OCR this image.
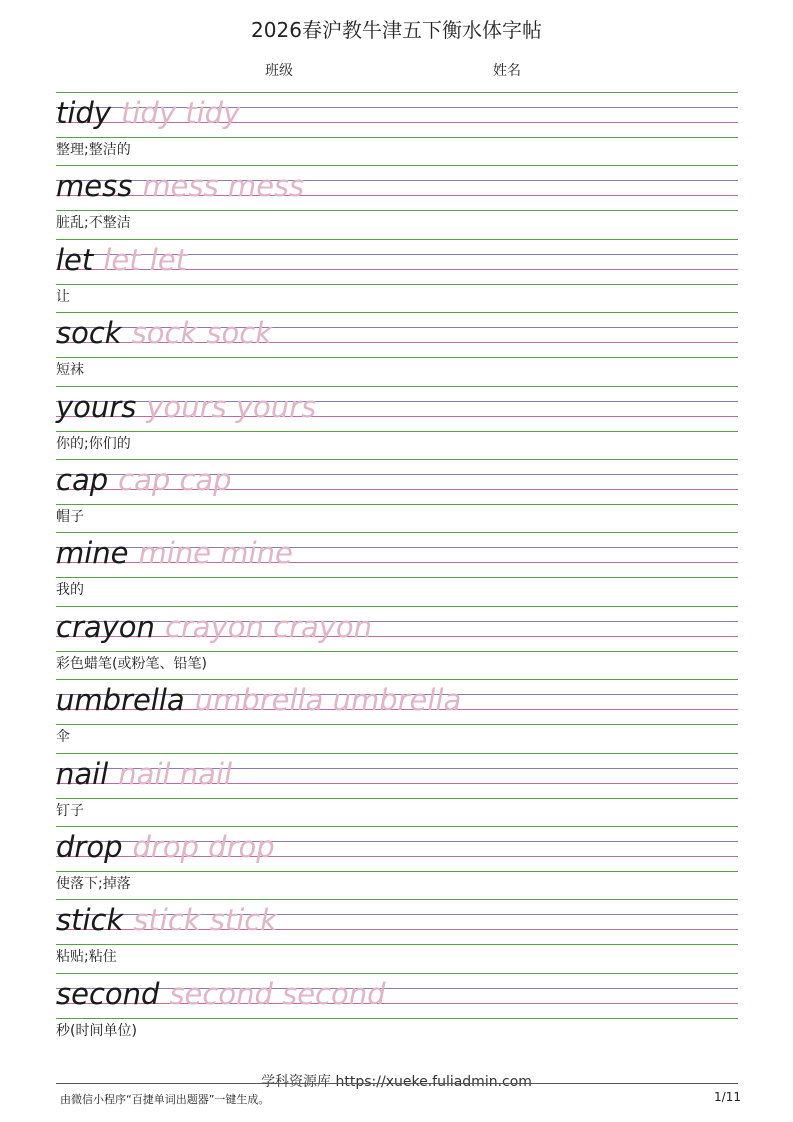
2026春沪教牛津五下衡水体字帖
班级	姓名
tidy tidy tidy
整理;整洁的
mess mess mess
脏乱;不整洁
let let let
让
sock sock sock
短袜
yours yours yours
你的;你们的
cap cap cap
帽子
mine mine mine
我的
crayon crayon crayon
彩色蜡笔(或粉笔、铅笔)
umbrella umbrella umbrella
伞
nail nail nail
钉子
drop drop drop
使落下;掉落
stick stick stick
粘贴;粘住
second second second
秒(时间单位)
学科资源库 https://xueke.fuliadmin.com
由微信小程序“百捷单词出题器”一键生成。	1/11
